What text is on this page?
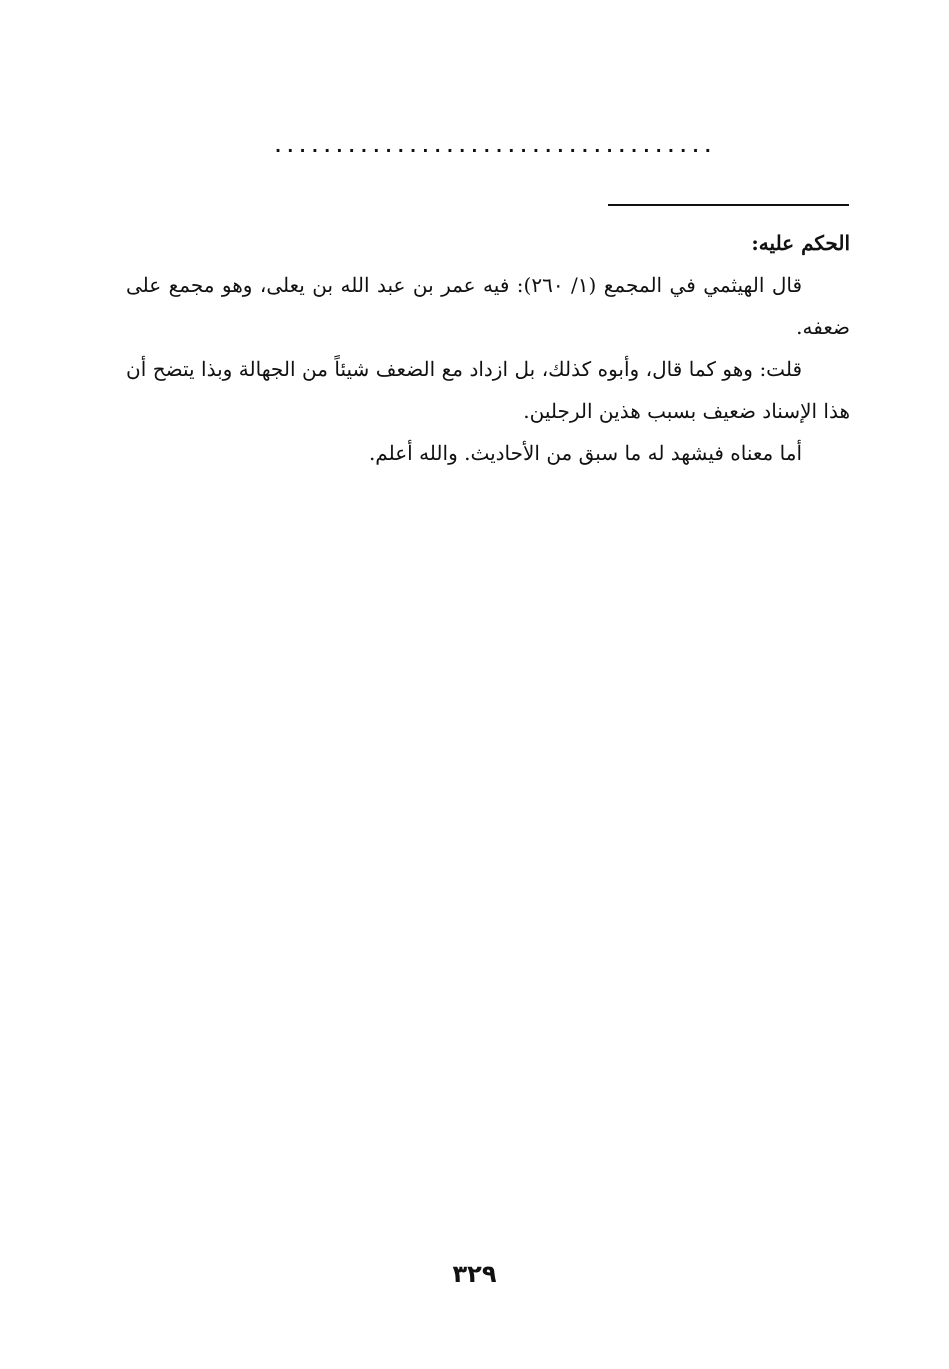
....................................

الحكم عليه:

قال الهيثمي في المجمع (١/ ٢٦٠): فيه عمر بن عبد الله بن يعلى، وهو مجمع على ضعفه.

قلت: وهو كما قال، وأبوه كذلك، بل ازداد مع الضعف شيئاً من الجهالة وبذا يتضح أن هذا الإسناد ضعيف بسبب هذين الرجلين.

أما معناه فيشهد له ما سبق من الأحاديث. والله أعلم.

٣٢٩
